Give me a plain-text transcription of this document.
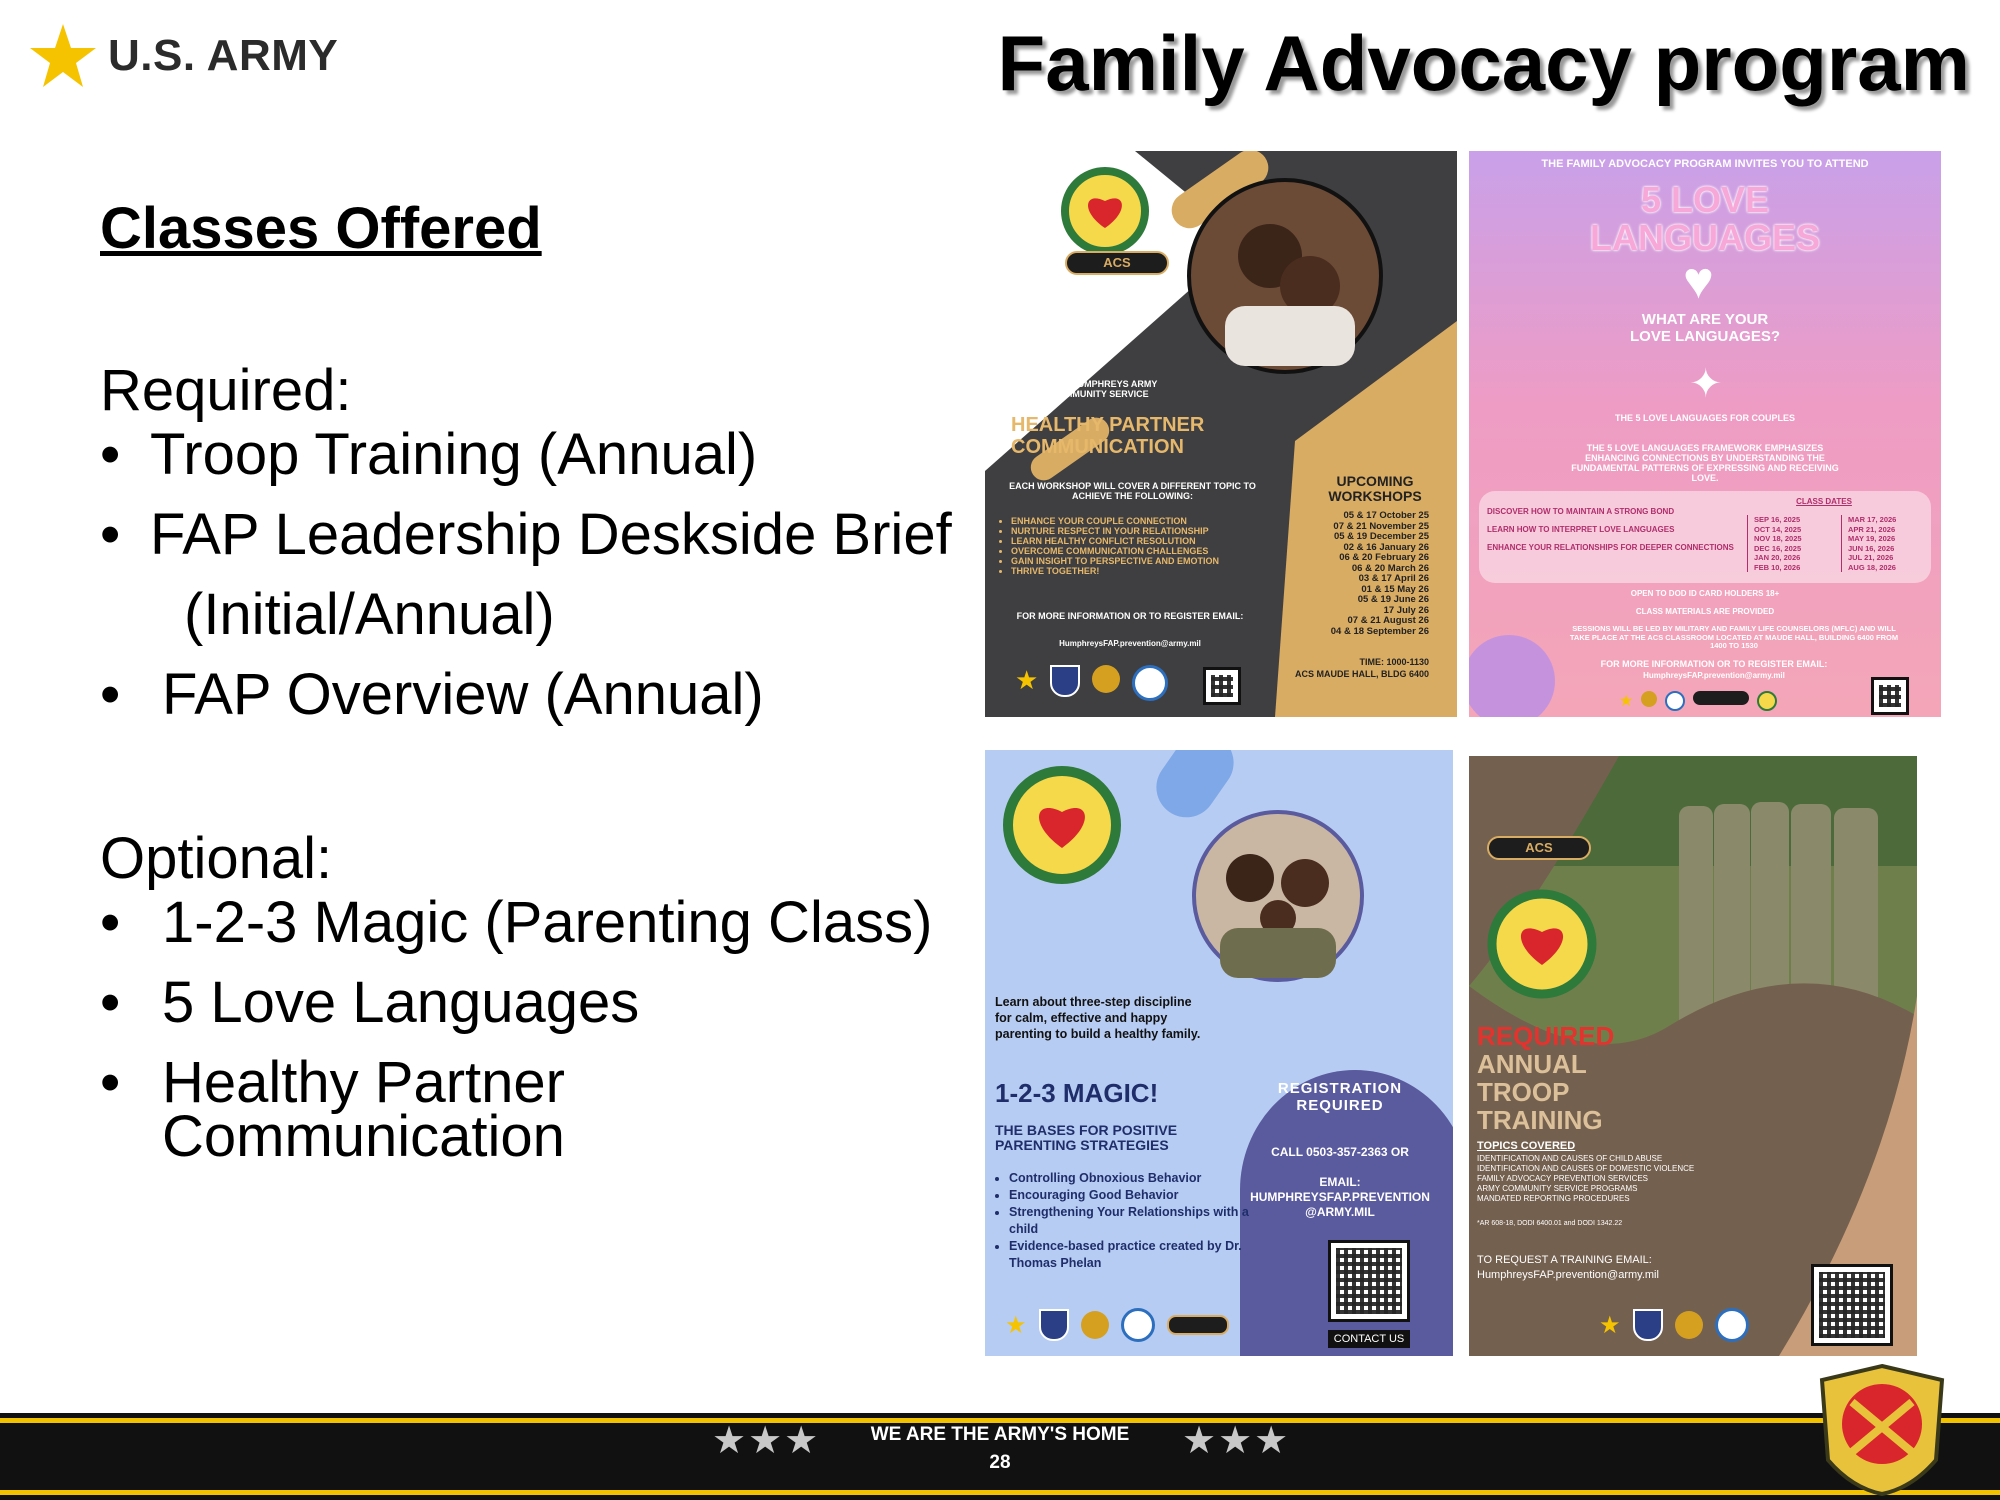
U.S. ARMY	Family Advocacy program
Classes Offered
Required:
• Troop Training (Annual)
• FAP Leadership Deskside Brief
(Initial/Annual)
• FAP Overview (Annual)
Optional:
• 1-2-3 Magic (Parenting Class)
• 5 Love Languages
• Healthy Partner Communication
ACS
USAG HUMPHREYS ARMY COMMUNITY SERVICE
HEALTHY PARTNER COMMUNICATION
EACH WORKSHOP WILL COVER A DIFFERENT TOPIC TO ACHIEVE THE FOLLOWING:
• ENHANCE YOUR COUPLE CONNECTION
• NURTURE RESPECT IN YOUR RELATIONSHIP
• LEARN HEALTHY CONFLICT RESOLUTION
• OVERCOME COMMUNICATION CHALLENGES
• GAIN INSIGHT TO PERSPECTIVE AND EMOTION
• THRIVE TOGETHER!
FOR MORE INFORMATION OR TO REGISTER EMAIL:
HumphreysFAP.prevention@army.mil
UPCOMING WORKSHOPS
05 & 17 October 25
07 & 21 November 25
05 & 19 December 25
02 & 16 January 26
06 & 20 February 26
06 & 20 March 26
03 & 17 April 26
01 & 15 May 26
05 & 19 June 26
17 July 26
07 & 21 August 26
04 & 18 September 26
TIME: 1000-1130
ACS MAUDE HALL, BLDG 6400
★
THE FAMILY ADVOCACY PROGRAM INVITES YOU TO ATTEND
5 LOVE
LANGUAGES
♥
WHAT ARE YOUR LOVE LANGUAGES?
✦
THE 5 LOVE LANGUAGES FOR COUPLES
THE 5 LOVE LANGUAGES FRAMEWORK EMPHASIZES ENHANCING CONNECTIONS BY UNDERSTANDING THE FUNDAMENTAL PATTERNS OF EXPRESSING AND RECEIVING LOVE.
DISCOVER HOW TO MAINTAIN A STRONG BOND
LEARN HOW TO INTERPRET LOVE LANGUAGES
ENHANCE YOUR RELATIONSHIPS FOR DEEPER CONNECTIONS
CLASS DATES
SEP 16, 2025
OCT 14, 2025
NOV 18, 2025
DEC 16, 2025
JAN 20, 2026
FEB 10, 2026
MAR 17, 2026
APR 21, 2026
MAY 19, 2026
JUN 16, 2026
JUL 21, 2026
AUG 18, 2026
OPEN TO DOD ID CARD HOLDERS 18+
CLASS MATERIALS ARE PROVIDED
SESSIONS WILL BE LED BY MILITARY AND FAMILY LIFE COUNSELORS (MFLC) AND WILL TAKE PLACE AT THE ACS CLASSROOM LOCATED AT MAUDE HALL, BUILDING 6400 FROM 1400 TO 1530
FOR MORE INFORMATION OR TO REGISTER EMAIL:
HumphreysFAP.prevention@army.mil
★
Learn about three-step discipline for calm, effective and happy parenting to build a healthy family.
1-2-3 MAGIC!
THE BASES FOR POSITIVE PARENTING STRATEGIES
• Controlling Obnoxious Behavior
• Encouraging Good Behavior
• Strengthening Your Relationships with a child
• Evidence-based practice created by Dr. Thomas Phelan
REGISTRATION REQUIRED
CALL 0503-357-2363 OR
EMAIL:
HUMPHREYSFAP.PREVENTION @ARMY.MIL
CONTACT US
★
ACS
REQUIRED
ANNUAL
TROOP
TRAINING
TOPICS COVERED
IDENTIFICATION AND CAUSES OF CHILD ABUSE
IDENTIFICATION AND CAUSES OF DOMESTIC VIOLENCE
FAMILY ADVOCACY PREVENTION SERVICES
ARMY COMMUNITY SERVICE PROGRAMS
MANDATED REPORTING PROCEDURES
*AR 608-18, DODI 6400.01 and DODI 1342.22
TO REQUEST A TRAINING EMAIL:
HumphreysFAP.prevention@army.mil
★
★★★	★★★
WE ARE THE ARMY'S HOME
28
